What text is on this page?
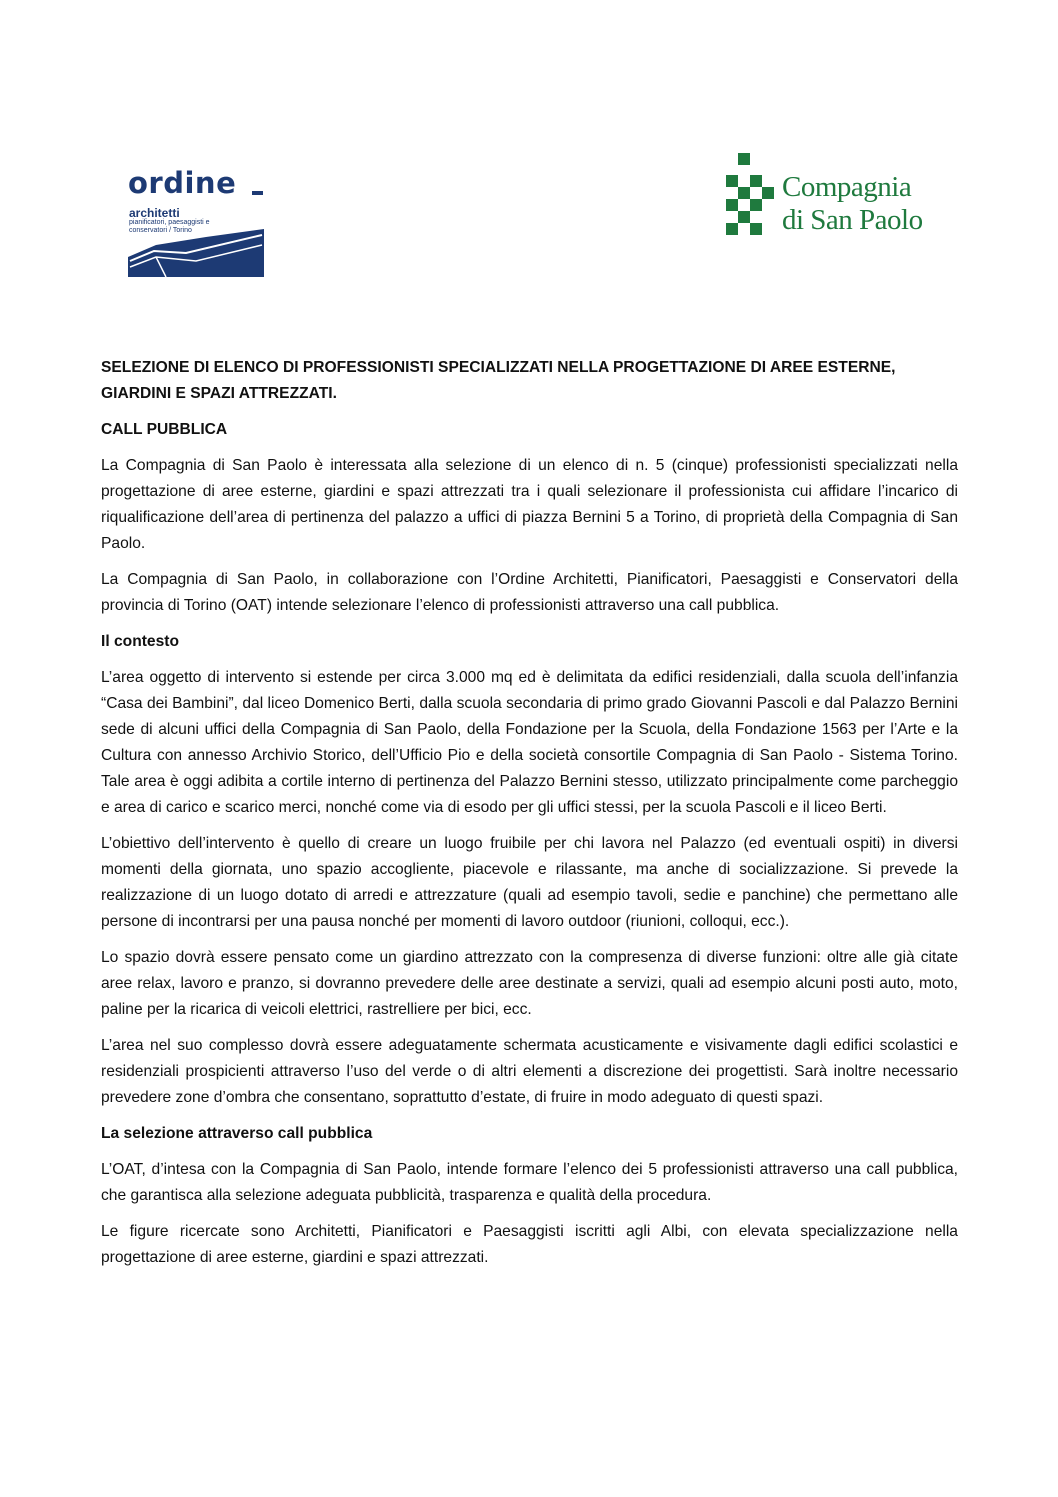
ordine
architetti
pianificatori, paesaggisti e conservatori / Torino
Compagnia
di San Paolo

SELEZIONE DI ELENCO DI PROFESSIONISTI SPECIALIZZATI NELLA PROGETTAZIONE DI AREE ESTERNE, GIARDINI E SPAZI ATTREZZATI.

CALL PUBBLICA

La Compagnia di San Paolo è interessata alla selezione di un elenco di n. 5 (cinque) professionisti specializzati nella progettazione di aree esterne, giardini e spazi attrezzati tra i quali selezionare il professionista cui affidare l’incarico di riqualificazione dell’area di pertinenza del palazzo a uffici di piazza Bernini 5 a Torino, di proprietà della Compagnia di San Paolo.

La Compagnia di San Paolo, in collaborazione con l’Ordine Architetti, Pianificatori, Paesaggisti e Conservatori della provincia di Torino (OAT) intende selezionare l’elenco di professionisti attraverso una call pubblica.

Il contesto

L’area oggetto di intervento si estende per circa 3.000 mq ed è delimitata da edifici residenziali, dalla scuola dell’infanzia “Casa dei Bambini”, dal liceo Domenico Berti, dalla scuola secondaria di primo grado Giovanni Pascoli e dal Palazzo Bernini sede di alcuni uffici della Compagnia di San Paolo, della Fondazione per la Scuola, della Fondazione 1563 per l’Arte e la Cultura con annesso Archivio Storico, dell’Ufficio Pio e della società consortile Compagnia di San Paolo - Sistema Torino. Tale area è oggi adibita a cortile interno di pertinenza del Palazzo Bernini stesso, utilizzato principalmente come parcheggio e area di carico e scarico merci, nonché come via di esodo per gli uffici stessi, per la scuola Pascoli e il liceo Berti.

L’obiettivo dell’intervento è quello di creare un luogo fruibile per chi lavora nel Palazzo (ed eventuali ospiti) in diversi momenti della giornata, uno spazio accogliente, piacevole e rilassante, ma anche di socializzazione. Si prevede la realizzazione di un luogo dotato di arredi e attrezzature (quali ad esempio tavoli, sedie e panchine) che permettano alle persone di incontrarsi per una pausa nonché per momenti di lavoro outdoor (riunioni, colloqui, ecc.).

Lo spazio dovrà essere pensato come un giardino attrezzato con la compresenza di diverse funzioni: oltre alle già citate aree relax, lavoro e pranzo, si dovranno prevedere delle aree destinate a servizi, quali ad esempio alcuni posti auto, moto, paline per la ricarica di veicoli elettrici, rastrelliere per bici, ecc.

L’area nel suo complesso dovrà essere adeguatamente schermata acusticamente e visivamente dagli edifici scolastici e residenziali prospicienti attraverso l’uso del verde o di altri elementi a discrezione dei progettisti. Sarà inoltre necessario prevedere zone d’ombra che consentano, soprattutto d’estate, di fruire in modo adeguato di questi spazi.

La selezione attraverso call pubblica

L’OAT, d’intesa con la Compagnia di San Paolo, intende formare l’elenco dei 5 professionisti attraverso una call pubblica, che garantisca alla selezione adeguata pubblicità, trasparenza e qualità della procedura.

Le figure ricercate sono Architetti, Pianificatori e Paesaggisti iscritti agli Albi, con elevata specializzazione nella progettazione di aree esterne, giardini e spazi attrezzati.
